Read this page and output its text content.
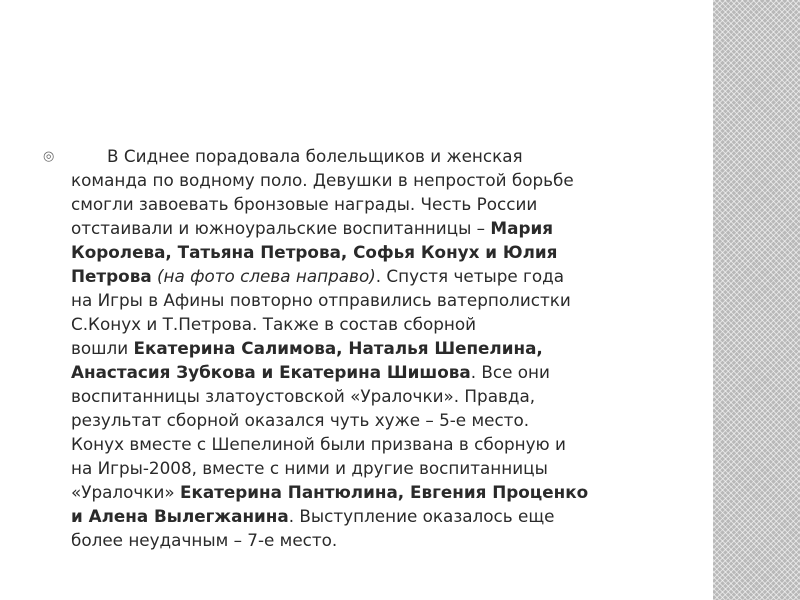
◎	В Сиднее порадовала болельщиков и женская
команда по водному поло. Девушки в непростой борьбе
смогли завоевать бронзовые награды. Честь России
отстаивали и южноуральские воспитанницы – Мария
Королева, Татьяна Петрова, Софья Конух и Юлия
Петрова (на фото слева направо). Спустя четыре года
на Игры в Афины повторно отправились ватерполистки
С.Конух и Т.Петрова. Также в состав сборной
вошли Екатерина Салимова, Наталья Шепелина,
Анастасия Зубкова и Екатерина Шишова. Все они
воспитанницы златоустовской «Уралочки». Правда,
результат сборной оказался чуть хуже – 5-е место.
Конух вместе с Шепелиной были призвана в сборную и
на Игры-2008, вместе с ними и другие воспитанницы
«Уралочки» Екатерина Пантюлина, Евгения Проценко
и Алена Вылегжанина. Выступление оказалось еще
более неудачным – 7-е место.
